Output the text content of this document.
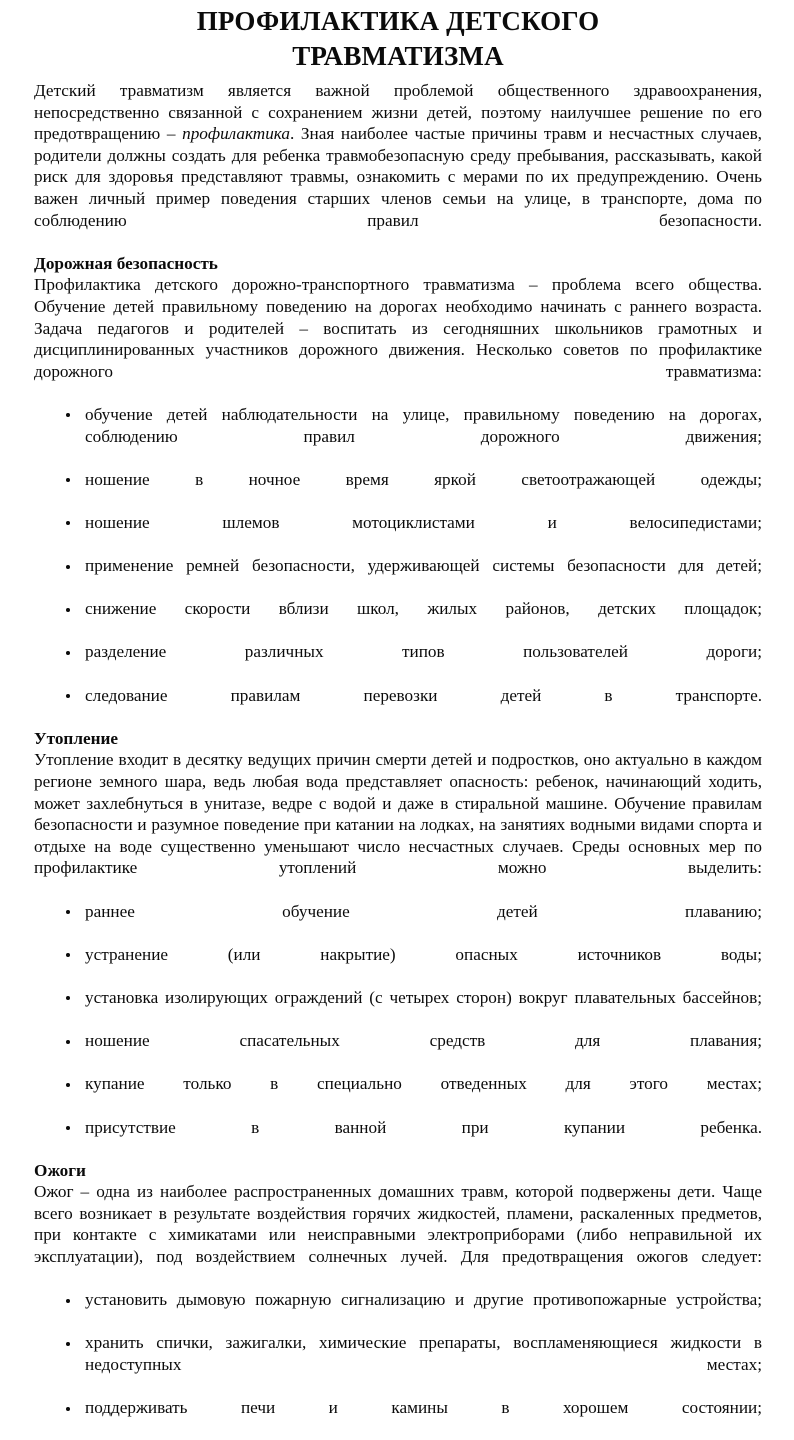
ПРОФИЛАКТИКА ДЕТСКОГО
ТРАВМАТИЗМА

Детский травматизм является важной проблемой общественного здравоохранения, непосредственно связанной с сохранением жизни детей, поэтому наилучшее решение по его предотвращению – профилактика. Зная наиболее частые причины травм и несчастных случаев, родители должны создать для ребенка травмобезопасную среду пребывания, рассказывать, какой риск для здоровья представляют травмы, ознакомить с мерами по их предупреждению. Очень важен личный пример поведения старших членов семьи на улице, в транспорте, дома по соблюдению правил безопасности.

Дорожная безопасность

Профилактика детского дорожно-транспортного травматизма – проблема всего общества. Обучение детей правильному поведению на дорогах необходимо начинать с раннего возраста. Задача педагогов и родителей – воспитать из сегодняшних школьников грамотных и дисциплинированных участников дорожного движения. Несколько советов по профилактике дорожного травматизма:

обучение детей наблюдательности на улице, правильному поведению на дорогах, соблюдению правил дорожного движения;
ношение в ночное время яркой светоотражающей одежды;
ношение шлемов мотоциклистами и велосипедистами;
применение ремней безопасности, удерживающей системы безопасности для детей;
снижение скорости вблизи школ, жилых районов, детских площадок;
разделение различных типов пользователей дороги;
следование правилам перевозки детей в транспорте.
Утопление

Утопление входит в десятку ведущих причин смерти детей и подростков, оно актуально в каждом регионе земного шара, ведь любая вода представляет опасность: ребенок, начинающий ходить, может захлебнуться в унитазе, ведре с водой и даже в стиральной машине. Обучение правилам безопасности и разумное поведение при катании на лодках, на занятиях водными видами спорта и отдыхе на воде существенно уменьшают число несчастных случаев. Среды основных мер по профилактике утоплений можно выделить:

раннее обучение детей плаванию;
устранение (или накрытие) опасных источников воды;
установка изолирующих ограждений (с четырех сторон) вокруг плавательных бассейнов;
ношение спасательных средств для плавания;
купание только в специально отведенных для этого местах;
присутствие в ванной при купании ребенка.
Ожоги

Ожог – одна из наиболее распространенных домашних травм, которой подвержены дети. Чаще всего возникает в результате воздействия горячих жидкостей, пламени, раскаленных предметов, при контакте с химикатами или неисправными электроприборами (либо неправильной их эксплуатации), под воздействием солнечных лучей. Для предотвращения ожогов следует:

установить дымовую пожарную сигнализацию и другие противопожарные устройства;
хранить спички, зажигалки, химические препараты, воспламеняющиеся жидкости в недоступных местах;
поддерживать печи и камины в хорошем состоянии;
